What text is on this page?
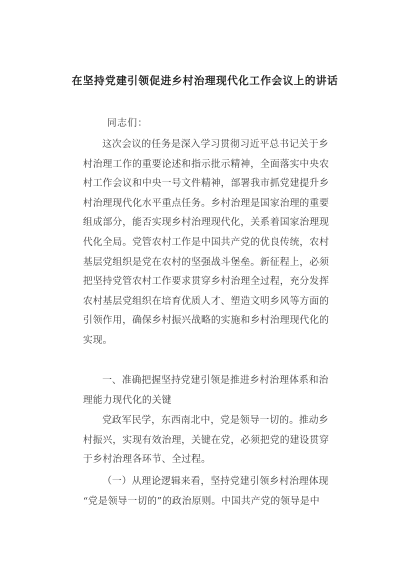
在坚持党建引领促进乡村治理现代化工作会议上的讲话
同志们：
这次会议的任务是深入学习贯彻习近平总书记关于乡
村治理工作的重要论述和指示批示精神，全面落实中央农
村工作会议和中央一号文件精神，部署我市抓党建提升乡
村治理现代化水平重点任务。乡村治理是国家治理的重要
组成部分，能否实现乡村治理现代化，关系着国家治理现
代化全局。党管农村工作是中国共产党的优良传统，农村
基层党组织是党在农村的坚强战斗堡垒。新征程上，必须
把坚持党管农村工作要求贯穿乡村治理全过程，充分发挥
农村基层党组织在培育优质人才、塑造文明乡风等方面的
引领作用，确保乡村振兴战略的实施和乡村治理现代化的
实现。
一、准确把握坚持党建引领是推进乡村治理体系和治
理能力现代化的关键
党政军民学，东西南北中，党是领导一切的。推动乡
村振兴，实现有效治理，关键在党，必须把党的建设贯穿
于乡村治理各环节、全过程。
（一）从理论逻辑来看，坚持党建引领乡村治理体现
“党是领导一切的”的政治原则。中国共产党的领导是中
